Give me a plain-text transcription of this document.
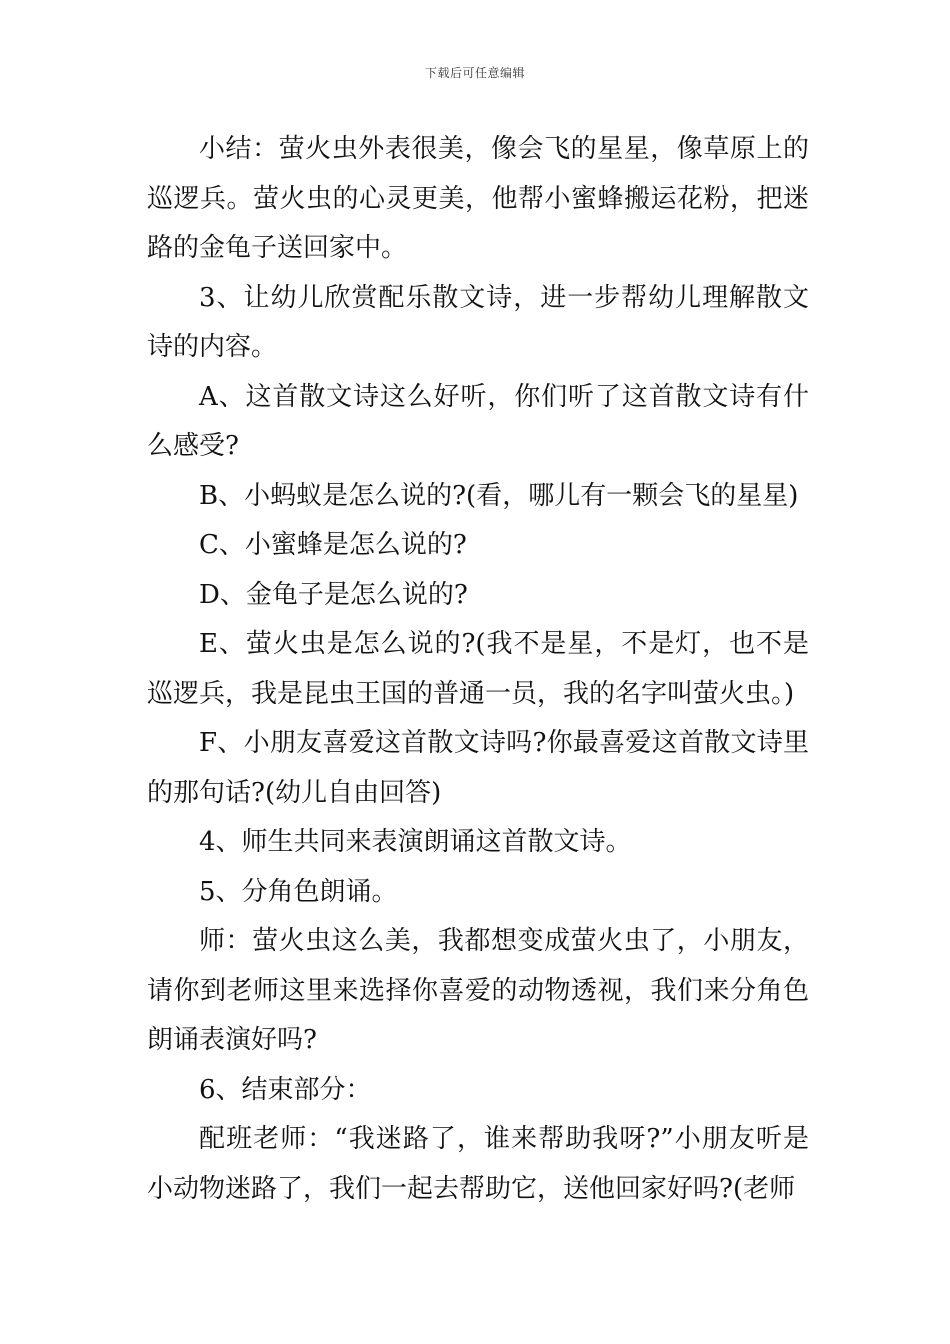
下载后可任意编辑

小结：萤火虫外表很美，像会飞的星星，像草原上的巡逻兵。萤火虫的心灵更美，他帮小蜜蜂搬运花粉，把迷路的金龟子送回家中。

3、让幼儿欣赏配乐散文诗，进一步帮幼儿理解散文诗的内容。

A、这首散文诗这么好听，你们听了这首散文诗有什么感受?

B、小蚂蚁是怎么说的?(看，哪儿有一颗会飞的星星)

C、小蜜蜂是怎么说的?

D、金龟子是怎么说的?

E、萤火虫是怎么说的?(我不是星，不是灯，也不是巡逻兵，我是昆虫王国的普通一员，我的名字叫萤火虫。)

F、小朋友喜爱这首散文诗吗?你最喜爱这首散文诗里的那句话?(幼儿自由回答)

4、师生共同来表演朗诵这首散文诗。

5、分角色朗诵。

师：萤火虫这么美，我都想变成萤火虫了，小朋友，请你到老师这里来选择你喜爱的动物透视，我们来分角色朗诵表演好吗?

6、结束部分：

配班老师：“我迷路了，谁来帮助我呀?”小朋友听是小动物迷路了，我们一起去帮助它，送他回家好吗?(老师
